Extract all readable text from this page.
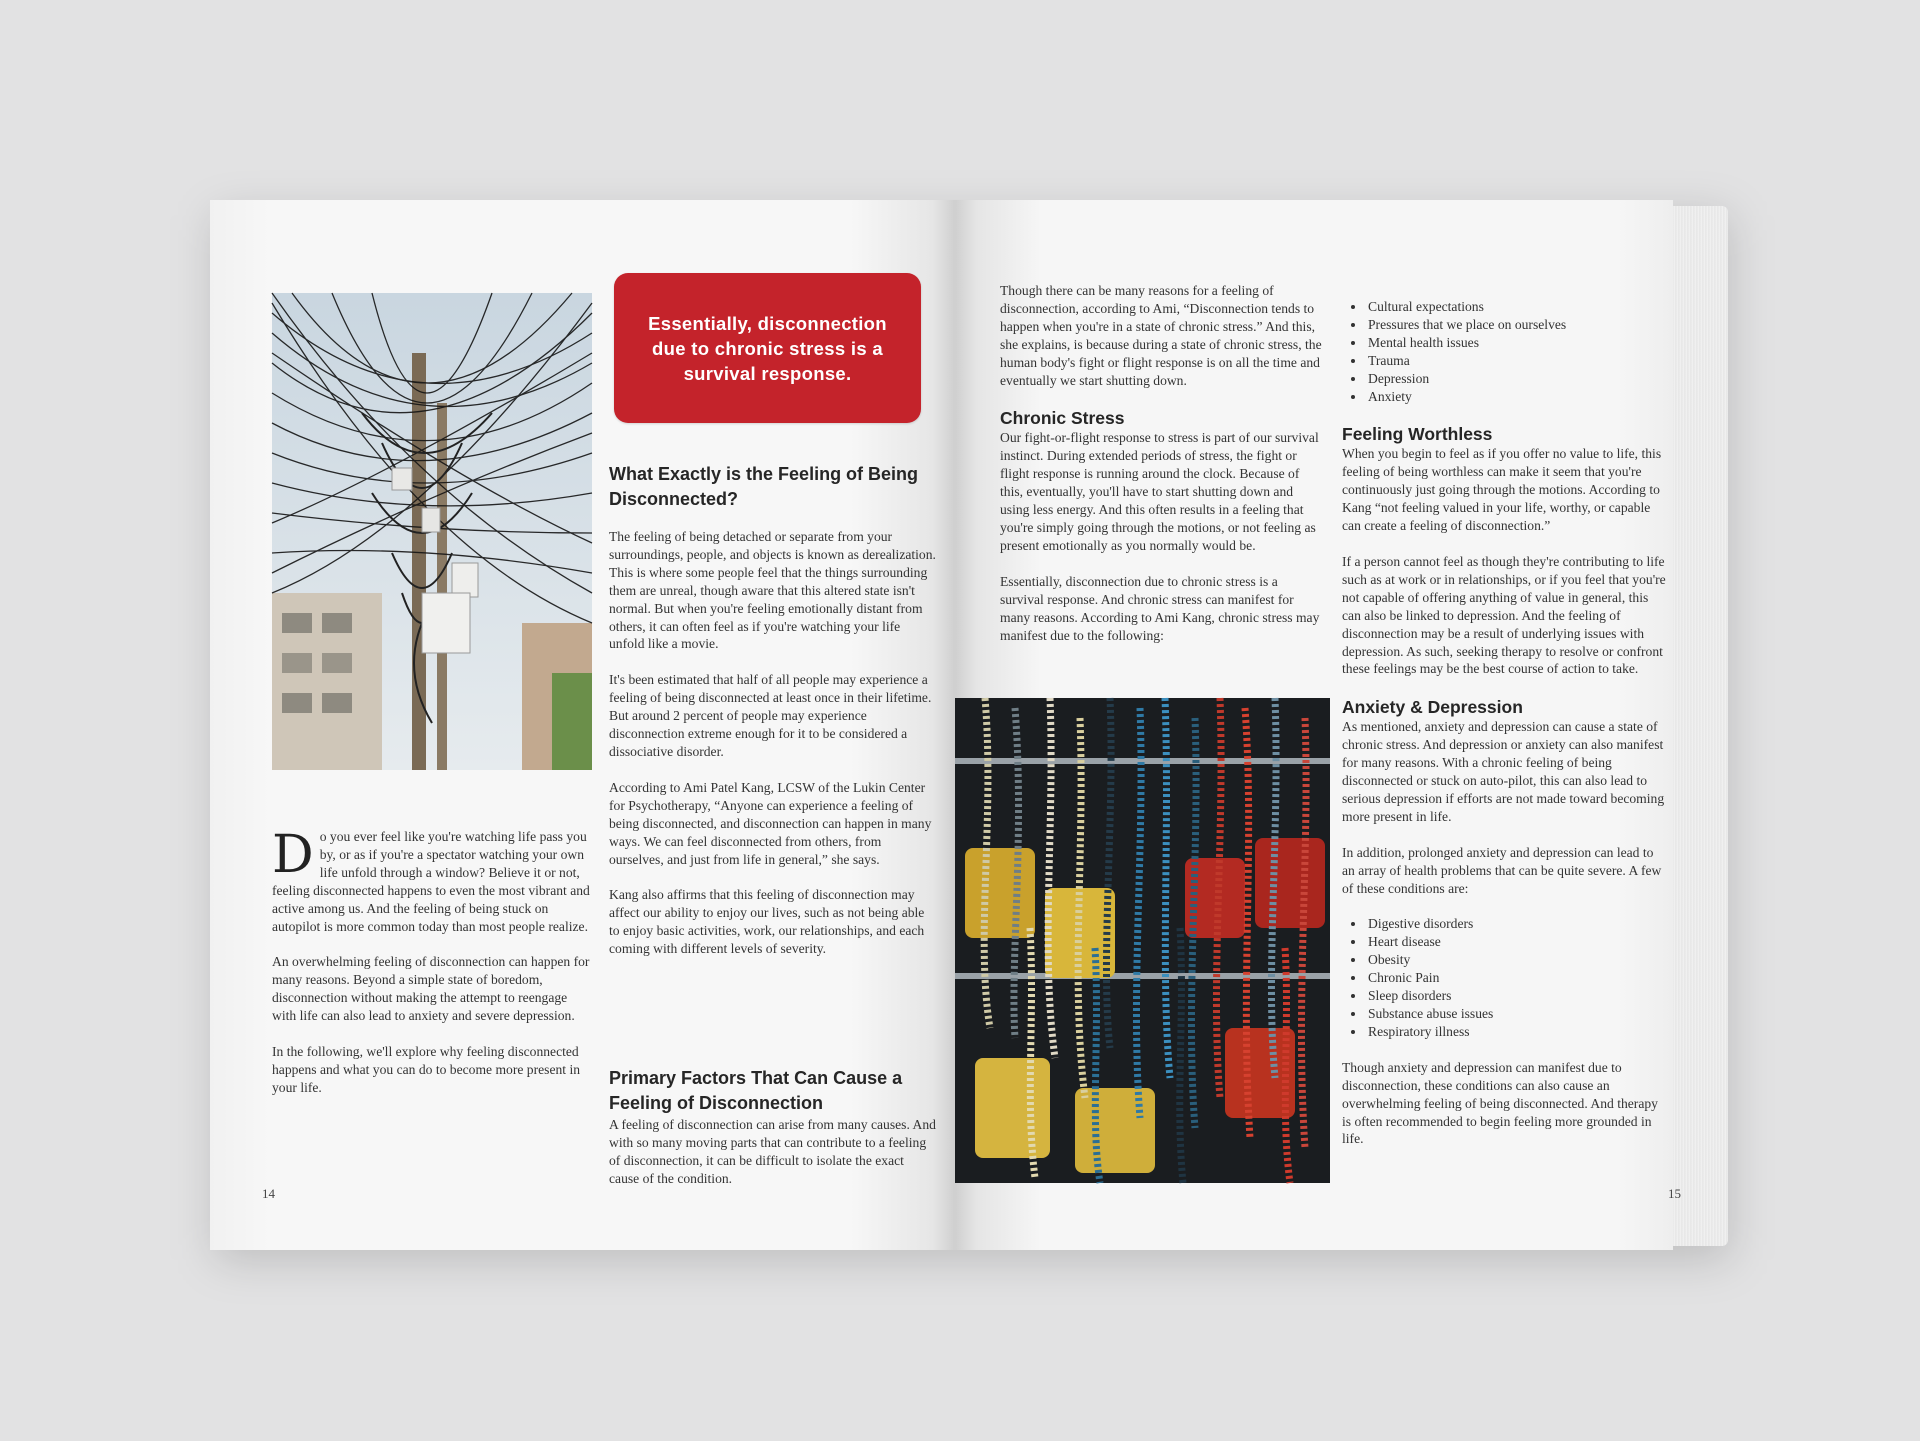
Essentially, disconnection due to chronic stress is a survival response.
D o you ever feel like you're watching life pass you by, or as if you're a spectator watching your own life unfold through a window? Believe it or not, feeling disconnected happens to even the most vibrant and active among us. And the feeling of being stuck on autopilot is more common today than most people realize.

An overwhelming feeling of disconnection can happen for many reasons. Beyond a simple state of boredom, disconnection without making the attempt to reengage with life can also lead to anxiety and severe depression.

In the following, we'll explore why feeling disconnected happens and what you can do to become more present in your life.

What Exactly is the Feeling of Being Disconnected?

The feeling of being detached or separate from your surroundings, people, and objects is known as derealization. This is where some people feel that the things surrounding them are unreal, though aware that this altered state isn't normal. But when you're feeling emotionally distant from others, it can often feel as if you're watching your life unfold like a movie.

It's been estimated that half of all people may experience a feeling of being disconnected at least once in their lifetime. But around 2 percent of people may experience disconnection extreme enough for it to be considered a dissociative disorder.

According to Ami Patel Kang, LCSW of the Lukin Center for Psychotherapy, “Anyone can experience a feeling of being disconnected, and disconnection can happen in many ways. We can feel disconnected from others, from ourselves, and just from life in general,” she says.

Kang also affirms that this feeling of disconnection may affect our ability to enjoy our lives, such as not being able to enjoy basic activities, work, our relationships, and each coming with different levels of severity.

Primary Factors That Can Cause a Feeling of Disconnection

A feeling of disconnection can arise from many causes. And with so many moving parts that can contribute to a feeling of disconnection, it can be difficult to isolate the exact cause of the condition.

14

Though there can be many reasons for a feeling of disconnection, according to Ami, “Disconnection tends to happen when you're in a state of chronic stress.” And this, she explains, is because during a state of chronic stress, the human body's fight or flight response is on all the time and eventually we start shutting down.

Chronic Stress

Our fight-or-flight response to stress is part of our survival instinct. During extended periods of stress, the fight or flight response is running around the clock. Because of this, eventually, you'll have to start shutting down and using less energy. And this often results in a feeling that you're simply going through the motions, or not feeling as present emotionally as you normally would be.

Essentially, disconnection due to chronic stress is a survival response. And chronic stress can manifest for many reasons. According to Ami Kang, chronic stress may manifest due to the following:

• Cultural expectations
• Pressures that we place on ourselves
• Mental health issues
• Trauma
• Depression
• Anxiety
Feeling Worthless

When you begin to feel as if you offer no value to life, this feeling of being worthless can make it seem that you're continuously just going through the motions. According to Kang “not feeling valued in your life, worthy, or capable can create a feeling of disconnection.”

If a person cannot feel as though they're contributing to life such as at work or in relationships, or if you feel that you're not capable of offering anything of value in general, this can also be linked to depression. And the feeling of disconnection may be a result of underlying issues with depression. As such, seeking therapy to resolve or confront these feelings may be the best course of action to take.

Anxiety & Depression

As mentioned, anxiety and depression can cause a state of chronic stress. And depression or anxiety can also manifest for many reasons. With a chronic feeling of being disconnected or stuck on auto-pilot, this can also lead to serious depression if efforts are not made toward becoming more present in life.

In addition, prolonged anxiety and depression can lead to an array of health problems that can be quite severe. A few of these conditions are:

• Digestive disorders
• Heart disease
• Obesity
• Chronic Pain
• Sleep disorders
• Substance abuse issues
• Respiratory illness

Though anxiety and depression can manifest due to disconnection, these conditions can also cause an overwhelming feeling of being disconnected. And therapy is often recommended to begin feeling more grounded in life.

15
